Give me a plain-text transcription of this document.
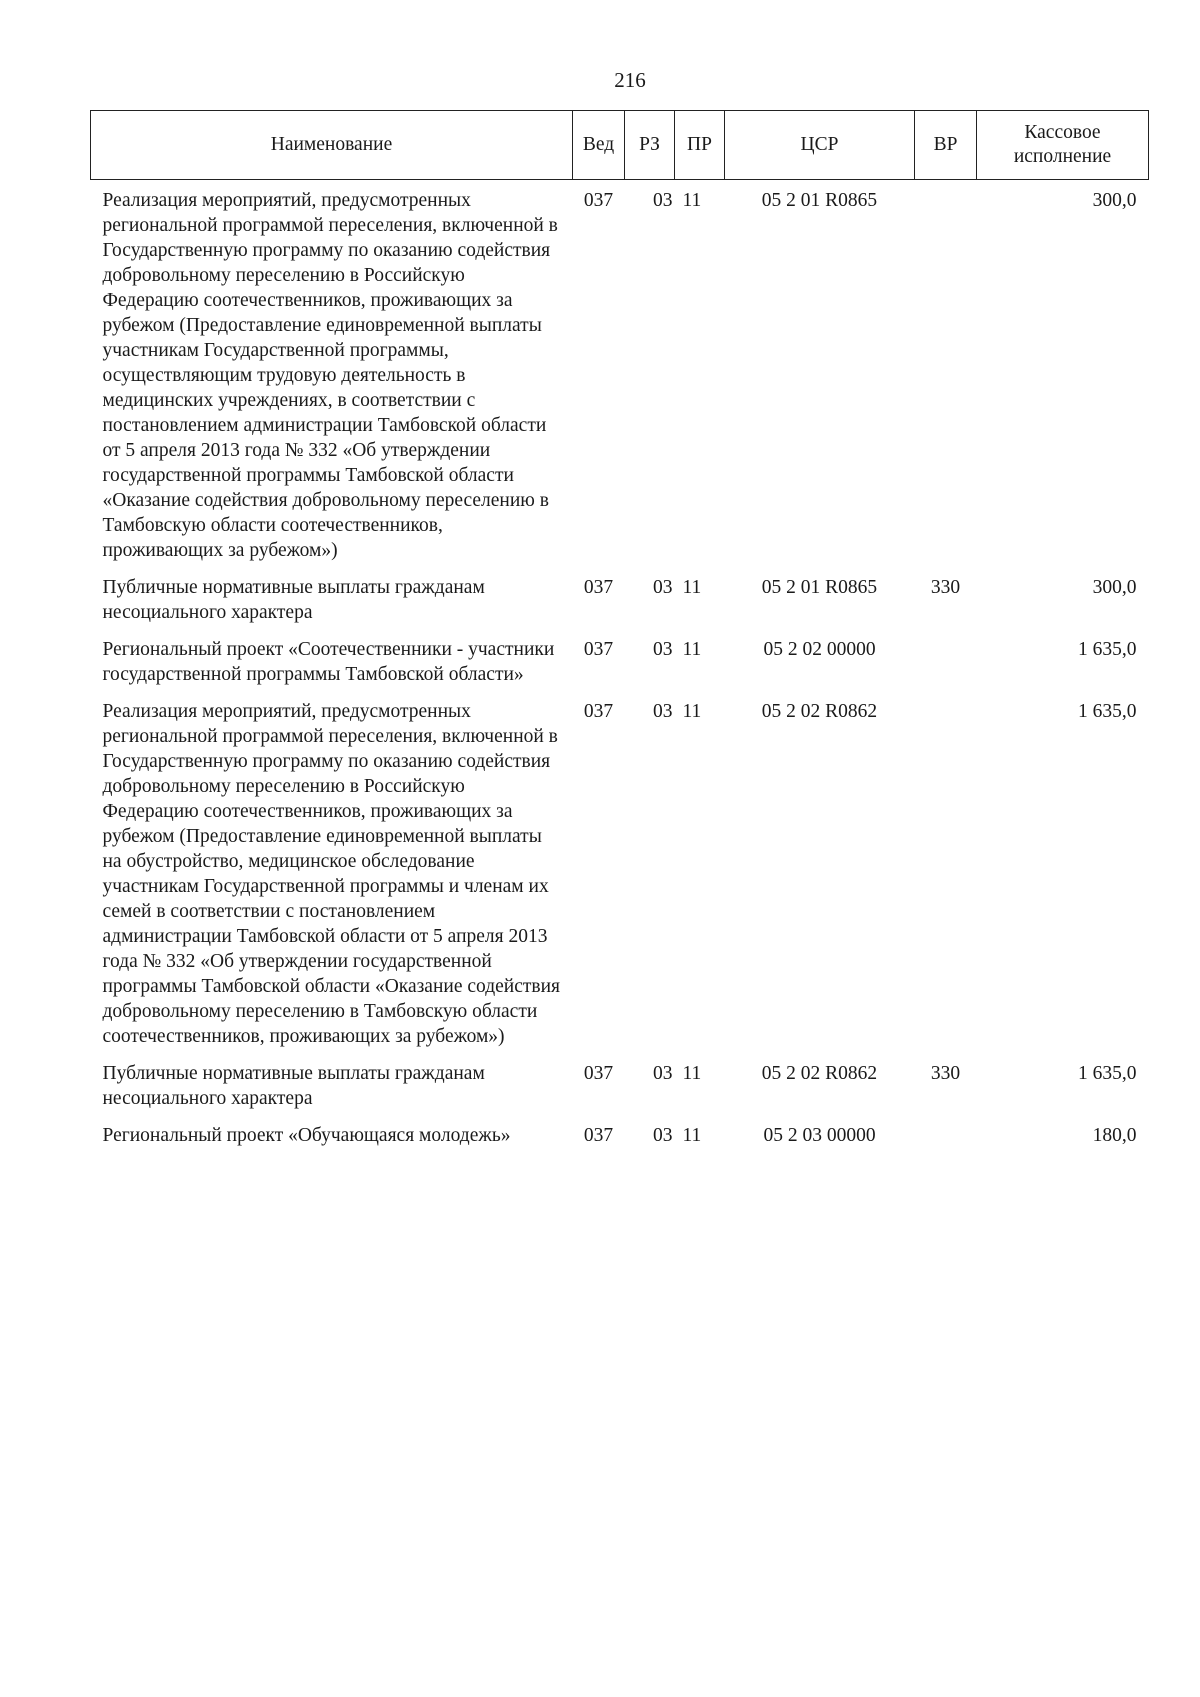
216
Наименование	Вед	РЗ	ПР	ЦСР	ВР	Кассовое исполнение
Реализация мероприятий, предусмотренных региональной программой переселения, включенной в Государственную программу по оказанию содействия добровольному переселению в Российскую Федерацию соотечественников, проживающих за рубежом (Предоставление единовременной выплаты участникам Государственной программы, осуществляющим трудовую деятельность в медицинских учреждениях, в соответствии с постановлением администрации Тамбовской области от 5 апреля 2013 года № 332 «Об утверждении государственной программы Тамбовской области «Оказание содействия добровольному переселению в Тамбовскую области соотечественников, проживающих за рубежом»)	037	03	11	05 2 01 R0865		300,0
Публичные нормативные выплаты гражданам несоциального характера	037	03	11	05 2 01 R0865	330	300,0
Региональный проект «Соотечественники - участники государственной программы Тамбовской области»	037	03	11	05 2 02 00000		1 635,0
Реализация мероприятий, предусмотренных региональной программой переселения, включенной в Государственную программу по оказанию содействия добровольному переселению в Российскую Федерацию соотечественников, проживающих за рубежом (Предоставление единовременной выплаты на обустройство, медицинское обследование участникам Государственной программы и членам их семей в соответствии с постановлением администрации Тамбовской области от 5 апреля 2013 года № 332 «Об утверждении государственной программы Тамбовской области «Оказание содействия добровольному переселению в Тамбовскую области соотечественников, проживающих за рубежом»)	037	03	11	05 2 02 R0862		1 635,0
Публичные нормативные выплаты гражданам несоциального характера	037	03	11	05 2 02 R0862	330	1 635,0
Региональный проект «Обучающаяся молодежь»	037	03	11	05 2 03 00000		180,0
